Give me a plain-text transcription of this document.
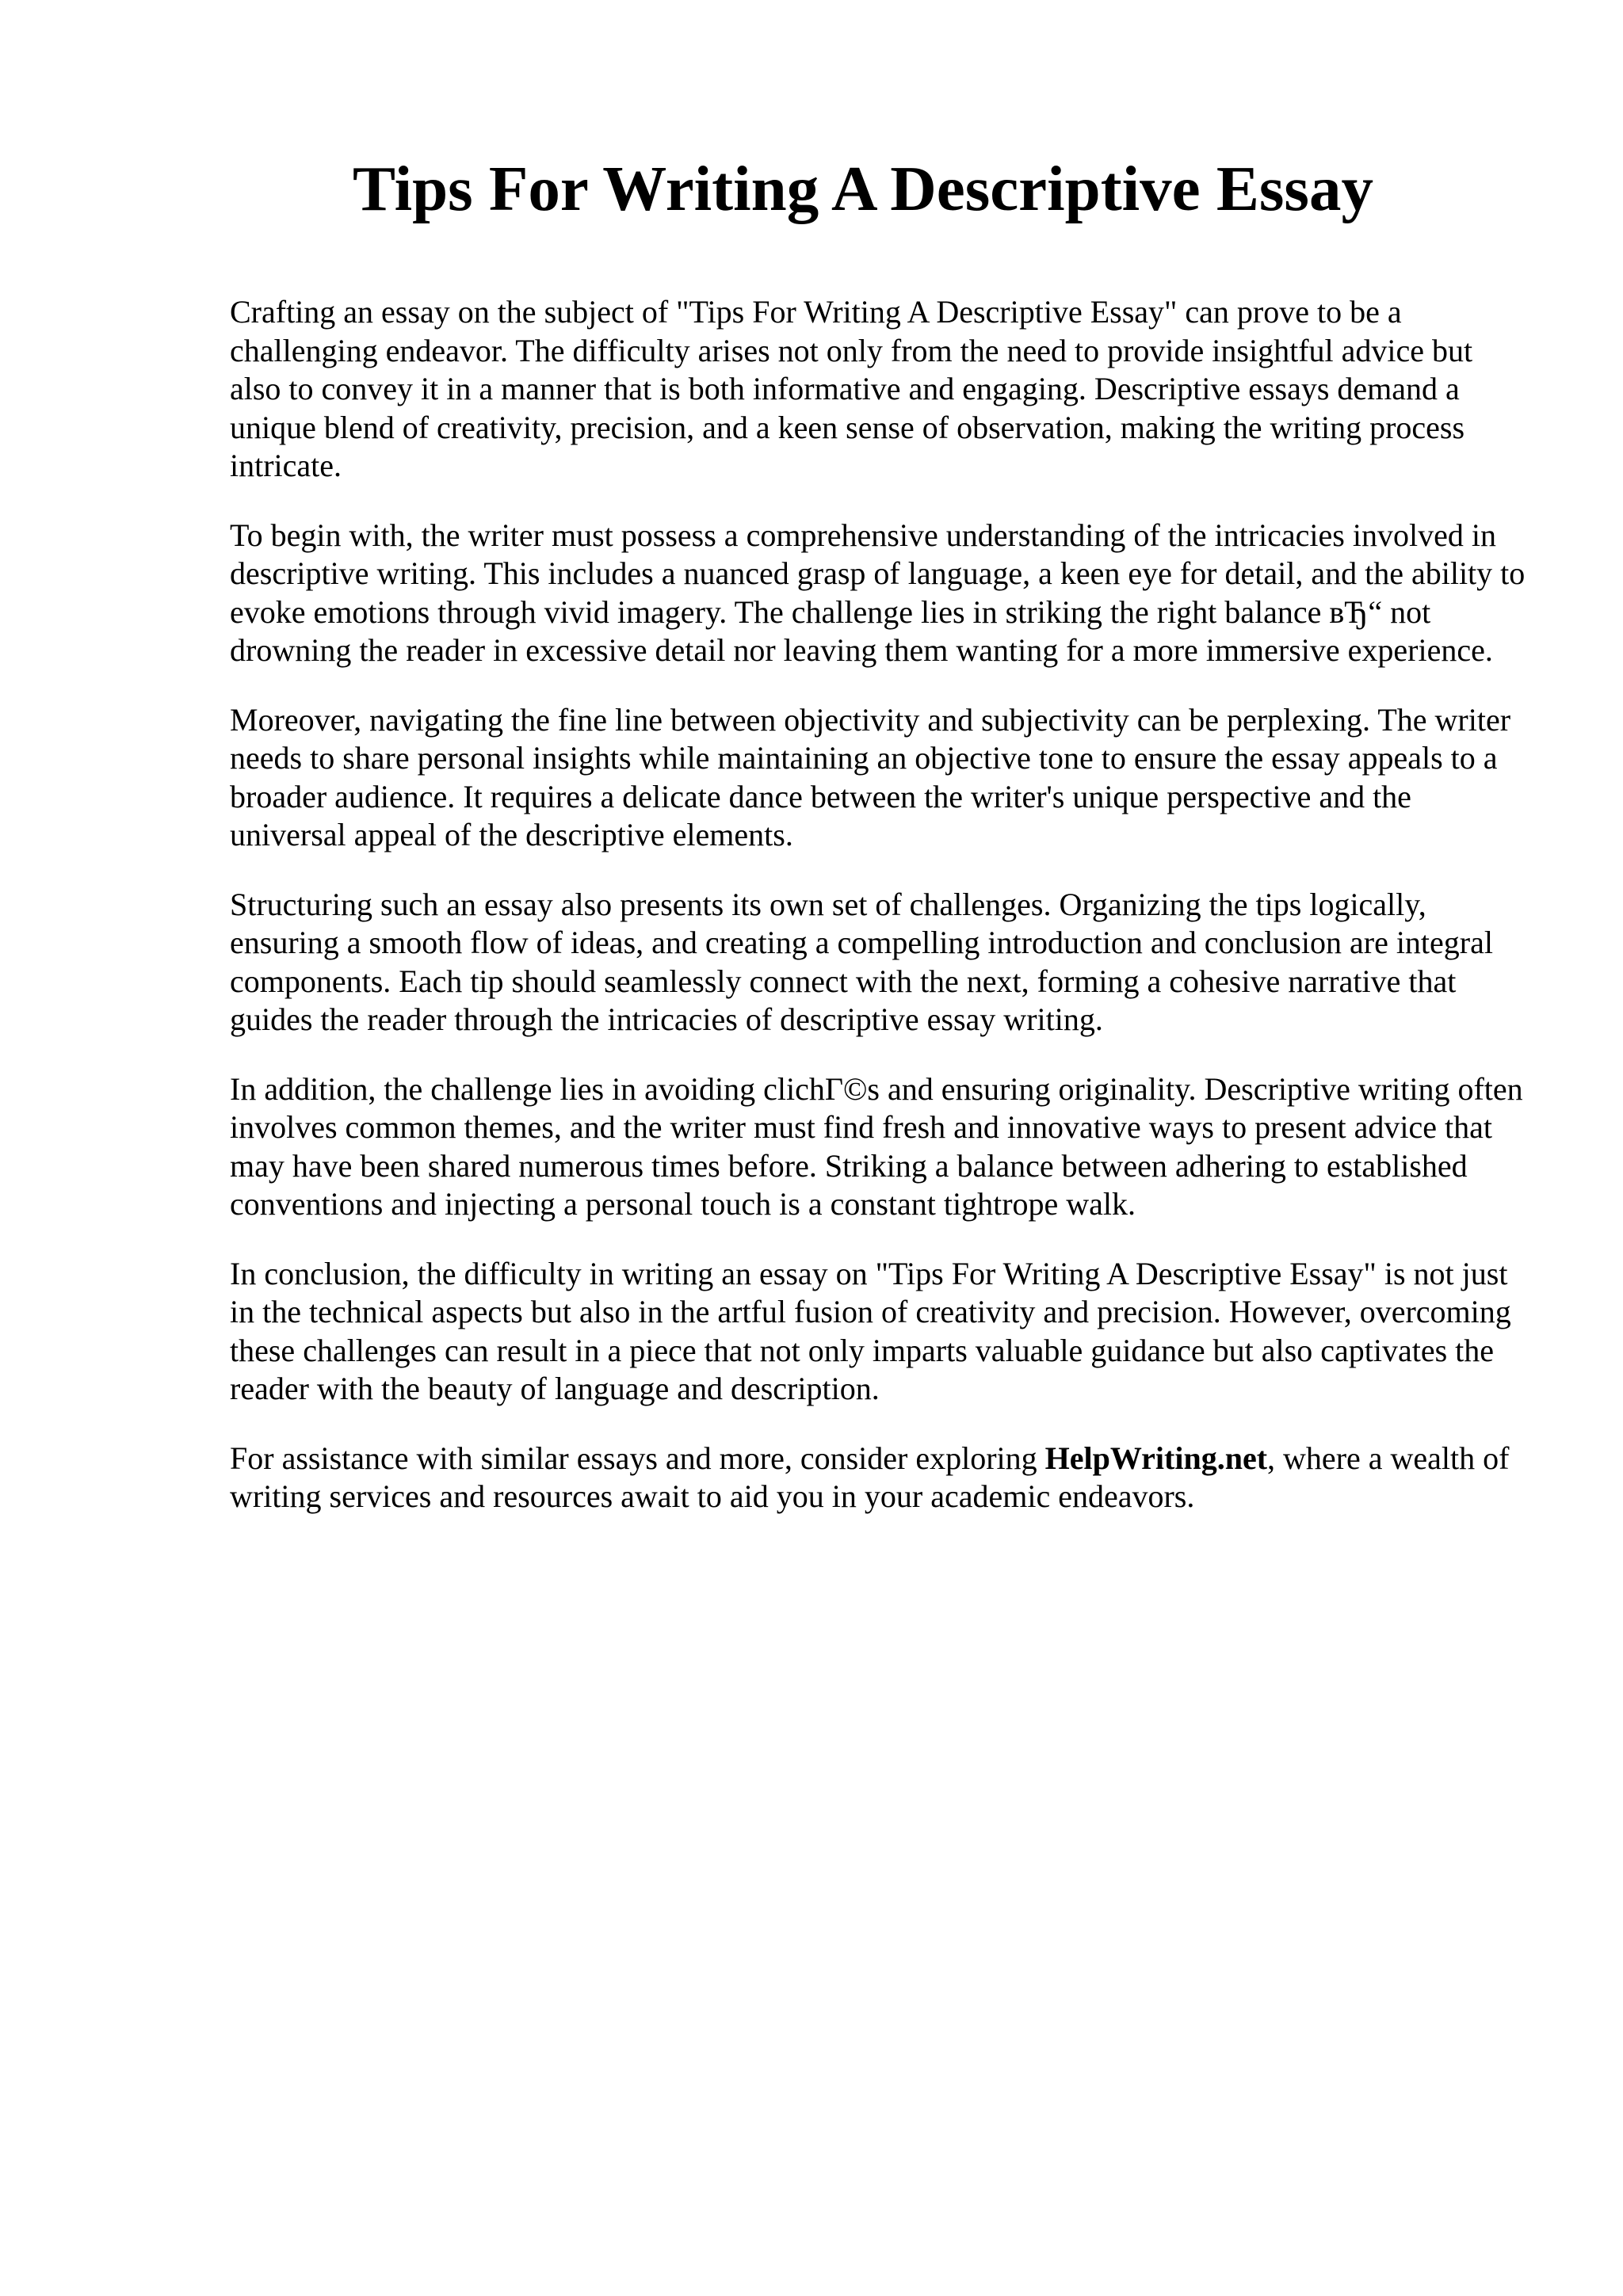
Tips For Writing A Descriptive Essay

Crafting an essay on the subject of "Tips For Writing A Descriptive Essay" can prove to be a challenging endeavor. The difficulty arises not only from the need to provide insightful advice but also to convey it in a manner that is both informative and engaging. Descriptive essays demand a unique blend of creativity, precision, and a keen sense of observation, making the writing process intricate.

To begin with, the writer must possess a comprehensive understanding of the intricacies involved in descriptive writing. This includes a nuanced grasp of language, a keen eye for detail, and the ability to evoke emotions through vivid imagery. The challenge lies in striking the right balance вЂ“ not drowning the reader in excessive detail nor leaving them wanting for a more immersive experience.

Moreover, navigating the fine line between objectivity and subjectivity can be perplexing. The writer needs to share personal insights while maintaining an objective tone to ensure the essay appeals to a broader audience. It requires a delicate dance between the writer's unique perspective and the universal appeal of the descriptive elements.

Structuring such an essay also presents its own set of challenges. Organizing the tips logically, ensuring a smooth flow of ideas, and creating a compelling introduction and conclusion are integral components. Each tip should seamlessly connect with the next, forming a cohesive narrative that guides the reader through the intricacies of descriptive essay writing.

In addition, the challenge lies in avoiding clichГ©s and ensuring originality. Descriptive writing often involves common themes, and the writer must find fresh and innovative ways to present advice that may have been shared numerous times before. Striking a balance between adhering to established conventions and injecting a personal touch is a constant tightrope walk.

In conclusion, the difficulty in writing an essay on "Tips For Writing A Descriptive Essay" is not just in the technical aspects but also in the artful fusion of creativity and precision. However, overcoming these challenges can result in a piece that not only imparts valuable guidance but also captivates the reader with the beauty of language and description.

For assistance with similar essays and more, consider exploring HelpWriting.net, where a wealth of writing services and resources await to aid you in your academic endeavors.
